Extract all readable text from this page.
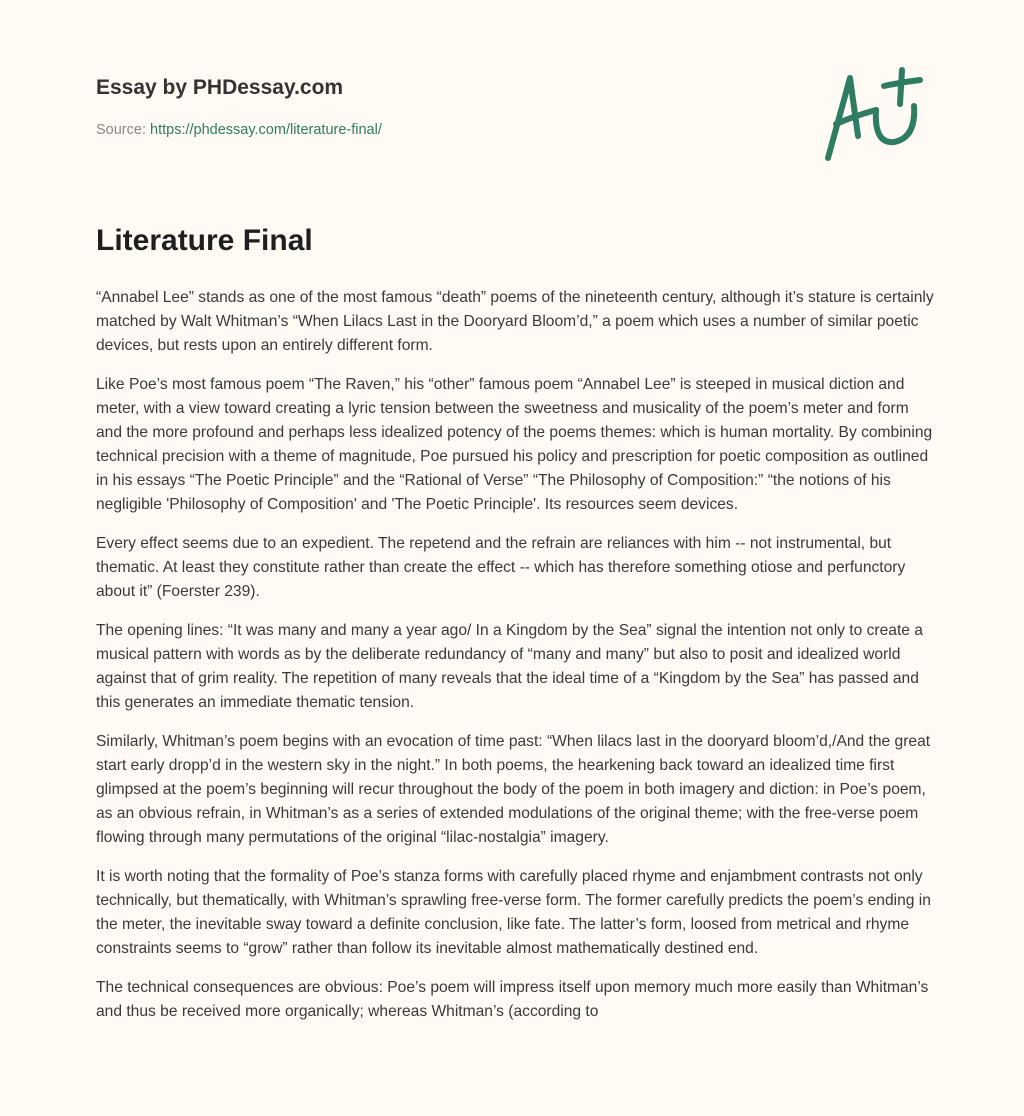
Essay by PHDessay.com
Source: https://phdessay.com/literature-final/
Literature Final

“Annabel Lee” stands as one of the most famous “death” poems of the nineteenth century, although it’s stature is certainly matched by Walt Whitman’s “When Lilacs Last in the Dooryard Bloom’d,” a poem which uses a number of similar poetic devices, but rests upon an entirely different form.

Like Poe’s most famous poem “The Raven,” his “other” famous poem “Annabel Lee” is steeped in musical diction and meter, with a view toward creating a lyric tension between the sweetness and musicality of the poem’s meter and form and the more profound and perhaps less idealized potency of the poems themes: which is human mortality. By combining technical precision with a theme of magnitude, Poe pursued his policy and prescription for poetic composition as outlined in his essays “The Poetic Principle” and the “Rational of Verse” “The Philosophy of Composition:” “the notions of his negligible 'Philosophy of Composition' and 'The Poetic Principle'. Its resources seem devices.

Every effect seems due to an expedient. The repetend and the refrain are reliances with him -- not instrumental, but thematic. At least they constitute rather than create the effect -- which has therefore something otiose and perfunctory about it” (Foerster 239).

The opening lines: “It was many and many a year ago/ In a Kingdom by the Sea” signal the intention not only to create a musical pattern with words as by the deliberate redundancy of “many and many” but also to posit and idealized world against that of grim reality. The repetition of many reveals that the ideal time of a “Kingdom by the Sea” has passed and this generates an immediate thematic tension.

Similarly, Whitman’s poem begins with an evocation of time past: “When lilacs last in the dooryard bloom’d,/And the great start early dropp’d in the western sky in the night.” In both poems, the hearkening back toward an idealized time first glimpsed at the poem’s beginning will recur throughout the body of the poem in both imagery and diction: in Poe’s poem, as an obvious refrain, in Whitman’s as a series of extended modulations of the original theme; with the free-verse poem flowing through many permutations of the original “lilac-nostalgia” imagery.

It is worth noting that the formality of Poe’s stanza forms with carefully placed rhyme and enjambment contrasts not only technically, but thematically, with Whitman’s sprawling free-verse form. The former carefully predicts the poem’s ending in the meter, the inevitable sway toward a definite conclusion, like fate. The latter’s form, loosed from metrical and rhyme constraints seems to “grow” rather than follow its inevitable almost mathematically destined end.

The technical consequences are obvious: Poe’s poem will impress itself upon memory much more easily than Whitman’s and thus be received more organically; whereas Whitman’s (according to
